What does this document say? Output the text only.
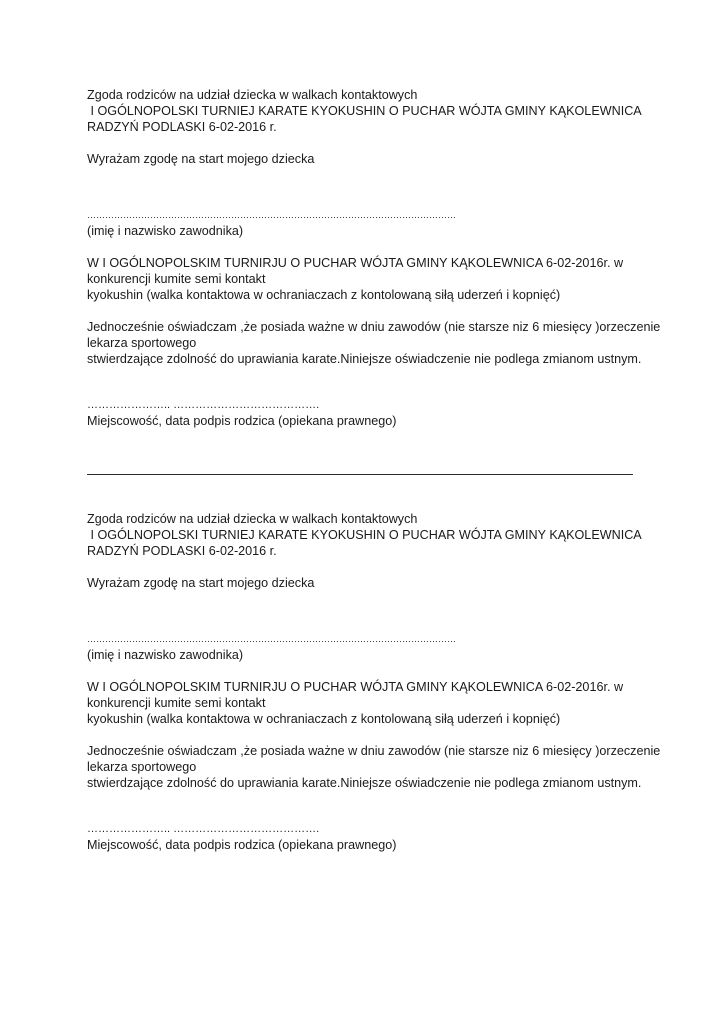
Zgoda rodziców na udział dziecka w walkach kontaktowych
I OGÓLNOPOLSKI TURNIEJ KARATE KYOKUSHIN O PUCHAR WÓJTA GMINY KĄKOLEWNICA
RADZYŃ PODLASKI 6-02-2016 r.
Wyrażam zgodę na start mojego dziecka
……………………………………………………………………………………………………………
(imię i nazwisko zawodnika)
W I OGÓLNOPOLSKIM TURNIRJU O PUCHAR WÓJTA GMINY KĄKOLEWNICA 6-02-2016r. w
konkurencji kumite semi kontakt
kyokushin (walka kontaktowa w ochraniaczach z kontolowaną siłą uderzeń i kopnięć)
Jednocześnie oświadczam ,że posiada ważne w dniu zawodów (nie starsze niz 6 miesięcy )orzeczenie
lekarza sportowego
stwierdzające zdolność do uprawiania karate.Niniejsze oświadczenie nie podlega zmianom ustnym.
………………….. ………………………………….
Miejscowość, data podpis rodzica (opiekana prawnego)
Zgoda rodziców na udział dziecka w walkach kontaktowych
I OGÓLNOPOLSKI TURNIEJ KARATE KYOKUSHIN O PUCHAR WÓJTA GMINY KĄKOLEWNICA
RADZYŃ PODLASKI 6-02-2016 r.
Wyrażam zgodę na start mojego dziecka
……………………………………………………………………………………………………………
(imię i nazwisko zawodnika)
W I OGÓLNOPOLSKIM TURNIRJU O PUCHAR WÓJTA GMINY KĄKOLEWNICA 6-02-2016r. w
konkurencji kumite semi kontakt
kyokushin (walka kontaktowa w ochraniaczach z kontolowaną siłą uderzeń i kopnięć)
Jednocześnie oświadczam ,że posiada ważne w dniu zawodów (nie starsze niz 6 miesięcy )orzeczenie
lekarza sportowego
stwierdzające zdolność do uprawiania karate.Niniejsze oświadczenie nie podlega zmianom ustnym.
………………….. ………………………………….
Miejscowość, data podpis rodzica (opiekana prawnego)
